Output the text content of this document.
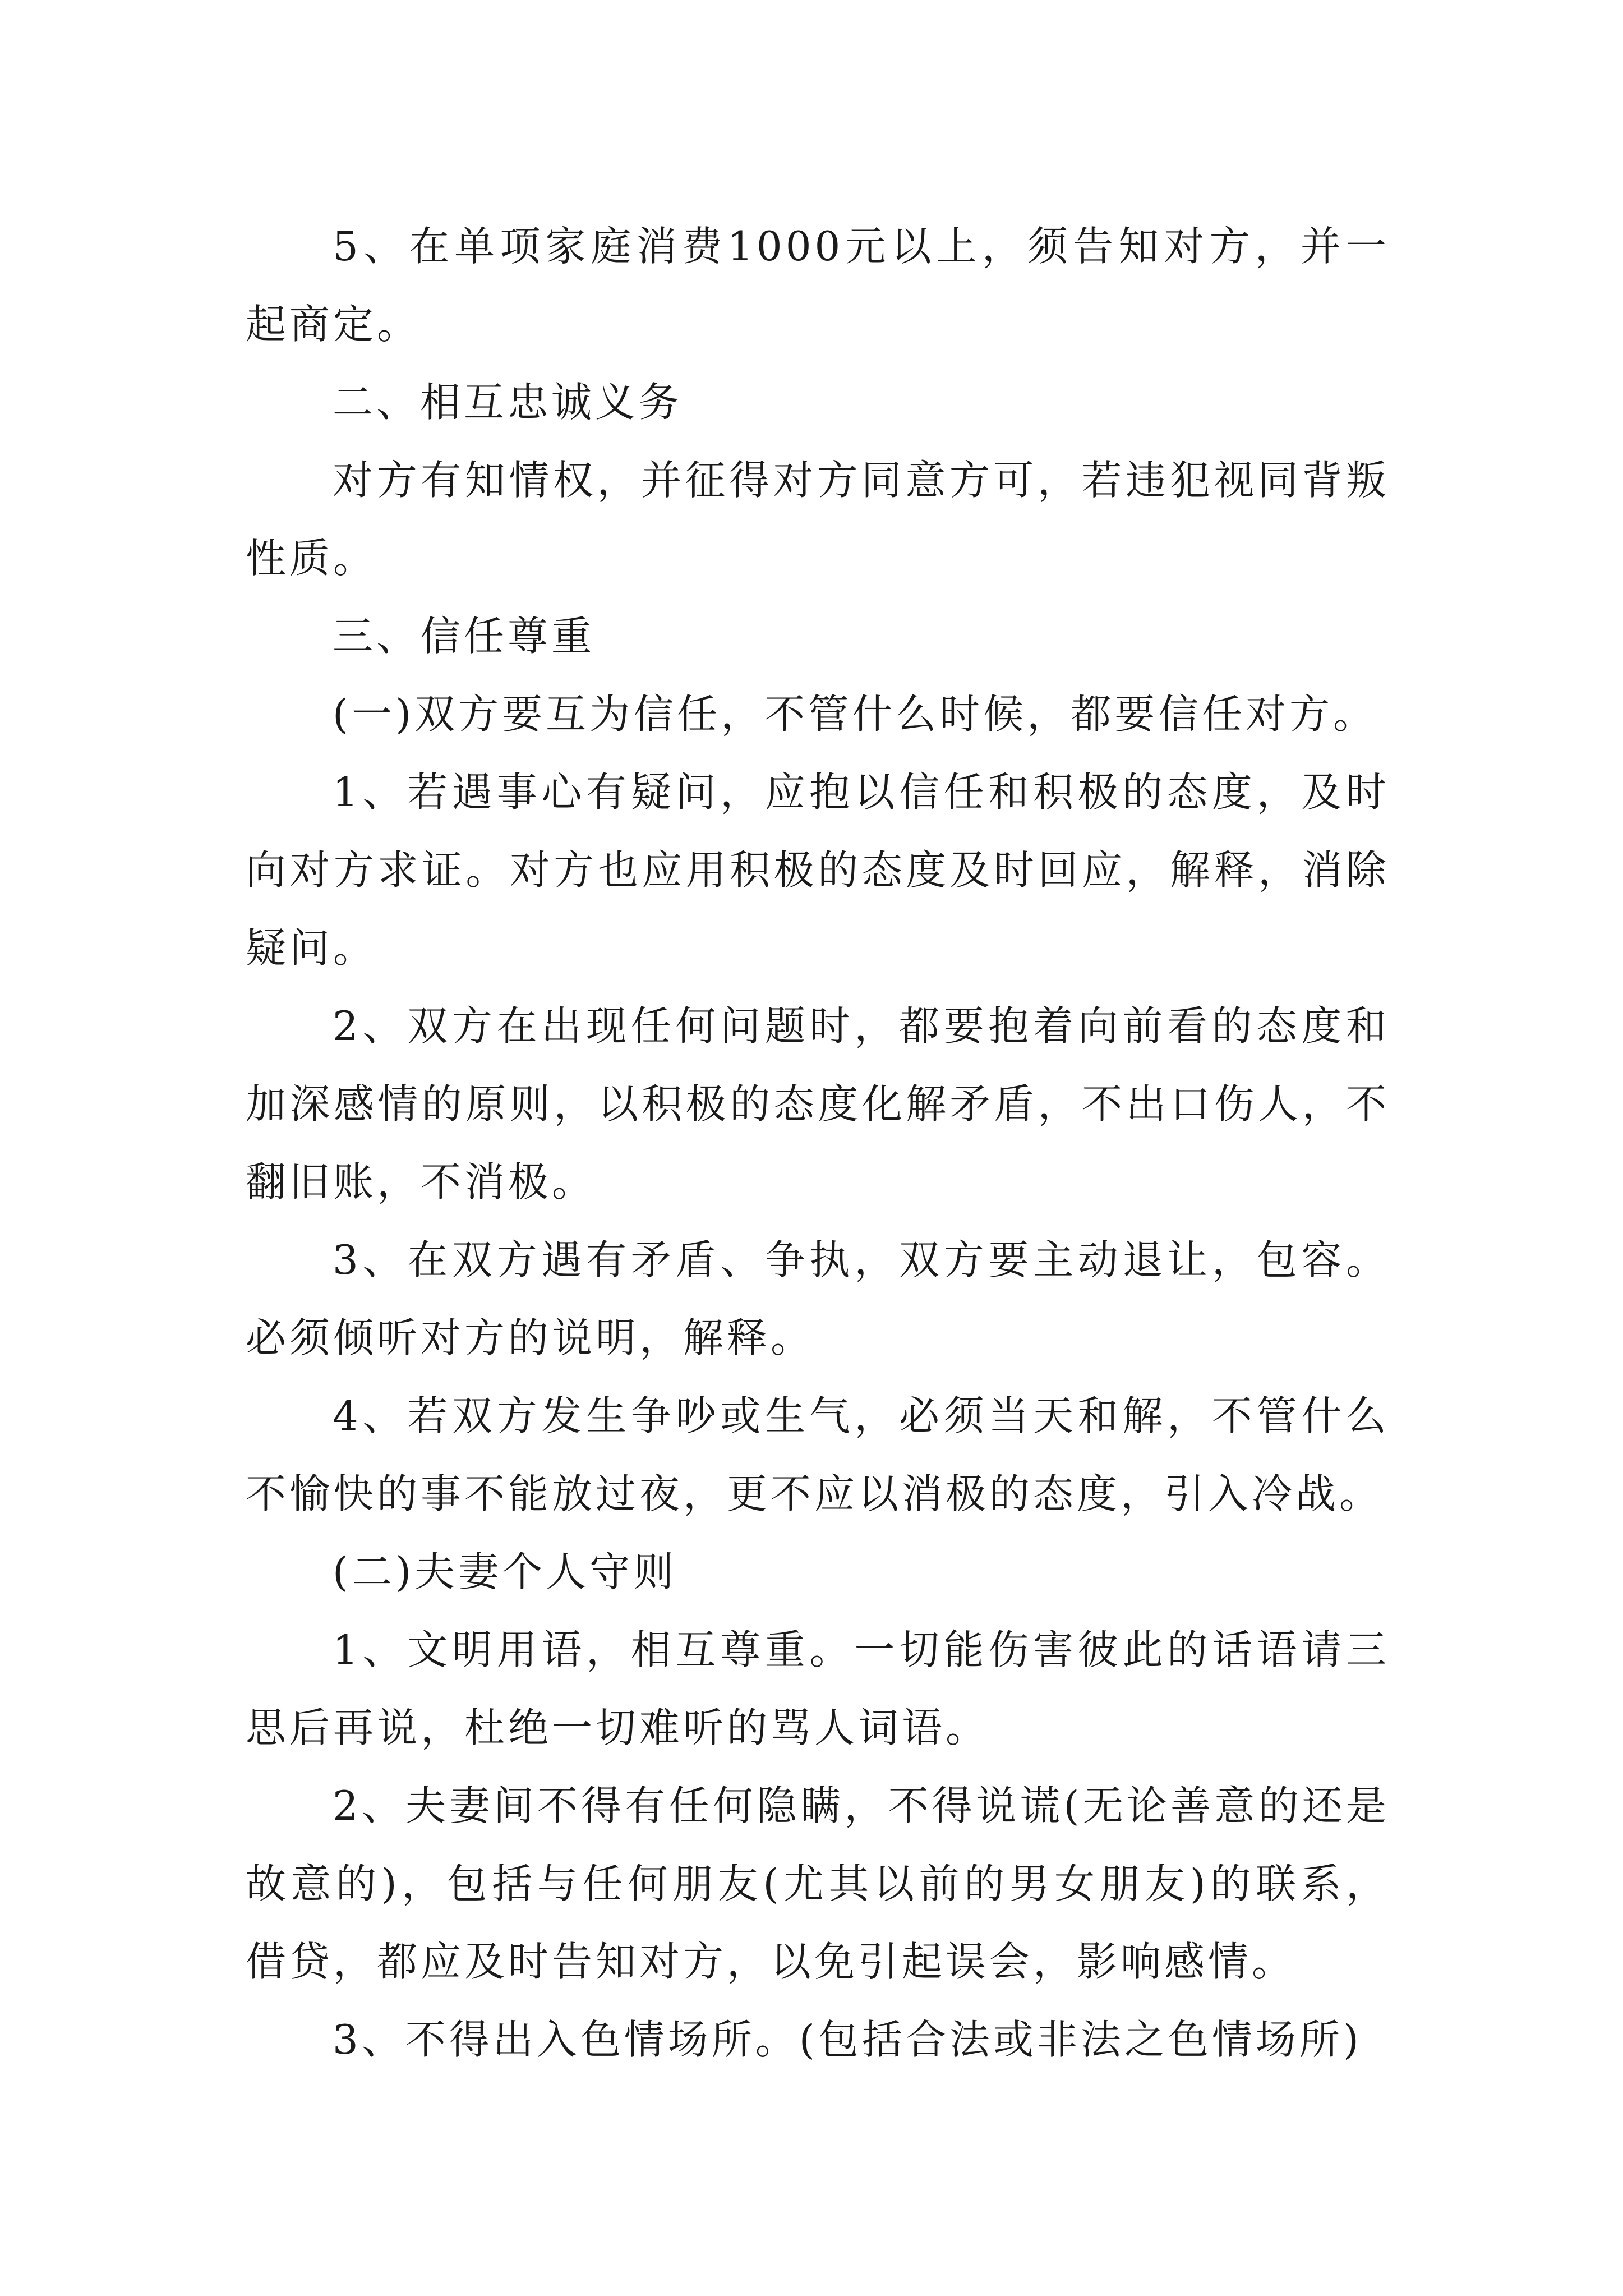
5、在单项家庭消费1000元以上，须告知对方，并一起商定。

二、相互忠诚义务

对方有知情权，并征得对方同意方可，若违犯视同背叛性质。

三、信任尊重

(一)双方要互为信任，不管什么时候，都要信任对方。

1、若遇事心有疑问，应抱以信任和积极的态度，及时向对方求证。对方也应用积极的态度及时回应，解释，消除疑问。

2、双方在出现任何问题时，都要抱着向前看的态度和加深感情的原则，以积极的态度化解矛盾，不出口伤人，不翻旧账，不消极。

3、在双方遇有矛盾、争执，双方要主动退让，包容。必须倾听对方的说明，解释。

4、若双方发生争吵或生气，必须当天和解，不管什么不愉快的事不能放过夜，更不应以消极的态度，引入冷战。

(二)夫妻个人守则

1、文明用语，相互尊重。一切能伤害彼此的话语请三思后再说，杜绝一切难听的骂人词语。

2、夫妻间不得有任何隐瞒，不得说谎(无论善意的还是故意的)，包括与任何朋友(尤其以前的男女朋友)的联系，借贷，都应及时告知对方，以免引起误会，影响感情。

3、不得出入色情场所。(包括合法或非法之色情场所)
